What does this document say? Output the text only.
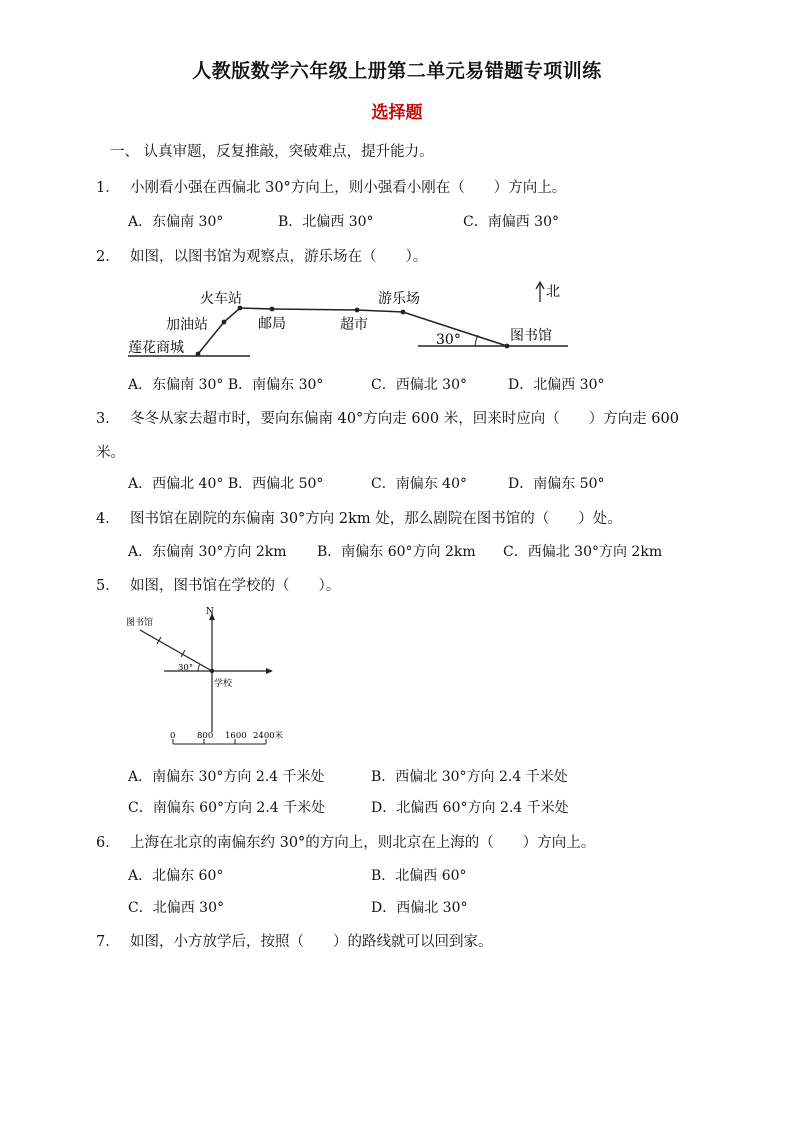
人教版数学六年级上册第二单元易错题专项训练
选择题
一、 认真审题，反复推敲，突破难点，提升能力。
1． 小刚看小强在西偏北 30°方向上，则小强看小刚在（　　）方向上。
A．东偏南 30°	B．北偏西 30°	C．南偏西 30°
2． 如图，以图书馆为观察点，游乐场在（　　）。
火车站
加油站	邮局	超市
游乐场
图书馆
莲花商城
北
30°
A．东偏南 30° B．南偏东 30°	C．西偏北 30°	D．北偏西 30°
3． 冬冬从家去超市时，要向东偏南 40°方向走 600 米，回来时应向（　　）方向走 600
米。
A．西偏北 40° B．西偏北 50°	C．南偏东 40°	D．南偏东 50°
4． 图书馆在剧院的东偏南 30°方向 2km 处，那么剧院在图书馆的（　　）处。
A．东偏南 30°方向 2km B．南偏东 60°方向 2km C．西偏北 30°方向 2km
5． 如图，图书馆在学校的（　　）。
N
图书馆
30°
学校
0	800 1600 2400米
A．南偏东 30°方向 2.4 千米处	B．西偏北 30°方向 2.4 千米处
C．南偏东 60°方向 2.4 千米处	D．北偏西 60°方向 2.4 千米处
6． 上海在北京的南偏东约 30°的方向上，则北京在上海的（　　）方向上。
A．北偏东 60°	B．北偏西 60°
C．北偏西 30°	D．西偏北 30°
7． 如图，小方放学后，按照（　　）的路线就可以回到家。
